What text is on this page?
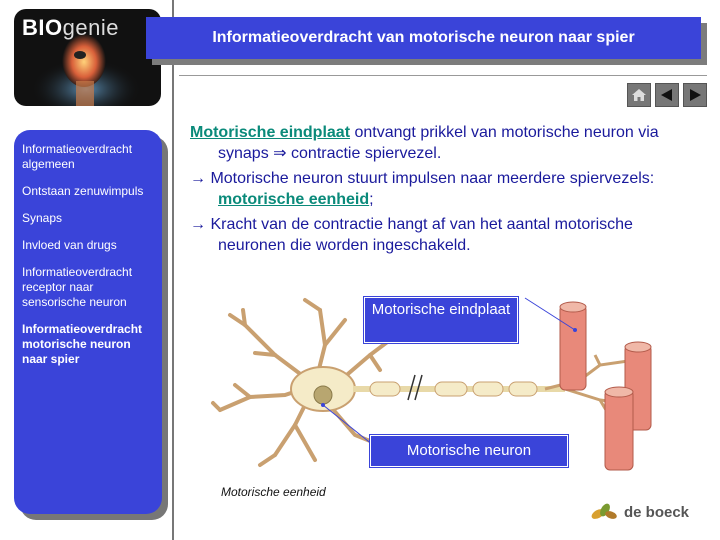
BIOgenie	Informatieoverdracht van motorische neuron naar spier
Informatieoverdracht algemeen
Ontstaan zenuwimpuls
Synaps
Invloed van drugs
Informatieoverdracht receptor naar sensorische neuron
Informatieoverdracht motorische neuron naar spier

Motorische eindplaat ontvangt prikkel van motorische neuron via synaps ⇒ contractie spiervezel.

→ Motorische neuron stuurt impulsen naar meerdere spiervezels: motorische eenheid;

→ Kracht van de contractie hangt af van het aantal motorische neuronen die worden ingeschakeld.

Motorische eindplaat
Motorische neuron
Motorische eenheid
de boeck
